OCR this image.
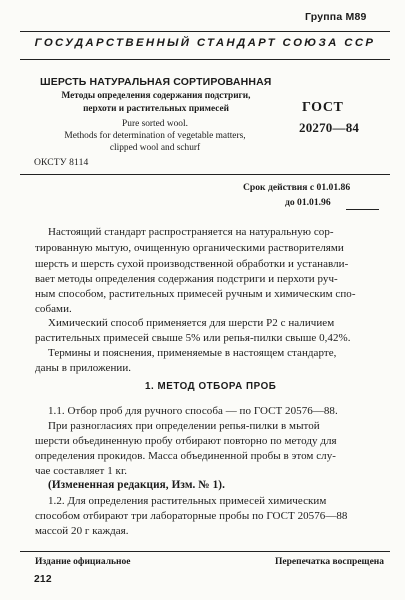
Группа М89
ГОСУДАРСТВЕННЫЙ СТАНДАРТ СОЮЗА ССР
ШЕРСТЬ НАТУРАЛЬНАЯ СОРТИРОВАННАЯ
Методы определения содержания подстриги,
перхоти и растительных примесей
Pure sorted wool.
Methods for determination of vegetable matters,
clipped wool and schurf
ГОСТ
20270—84
ОКСТУ 8114
Срок действия с 01.01.86
до 01.01.96

Настоящий стандарт распространяется на натуральную сор-

тированную мытую, очищенную органическими растворителями

шерсть и шерсть сухой производственной обработки и устанавли-

вает методы определения содержания подстриги и перхоти руч-

ным способом, растительных примесей ручным и химическим спо-

собами.

Химический способ применяется для шерсти Р2 с наличием

растительных примесей свыше 5% или репья-пилки свыше 0,42%.

Термины и пояснения, применяемые в настоящем стандарте,

даны в приложении.

1. МЕТОД ОТБОРА ПРОБ

1.1. Отбор проб для ручного способа — по ГОСТ 20576—88.

При разногласиях при определении репья-пилки в мытой

шерсти объединенную пробу отбирают повторно по методу для

определения прокидов. Масса объединенной пробы в этом слу-

чае составляет 1 кг.

(Измененная редакция, Изм. № 1).

1.2. Для определения растительных примесей химическим

способом отбирают три лабораторные пробы по ГОСТ 20576—88

массой 20 г каждая.

Издание официальное	Перепечатка воспрещена
212
